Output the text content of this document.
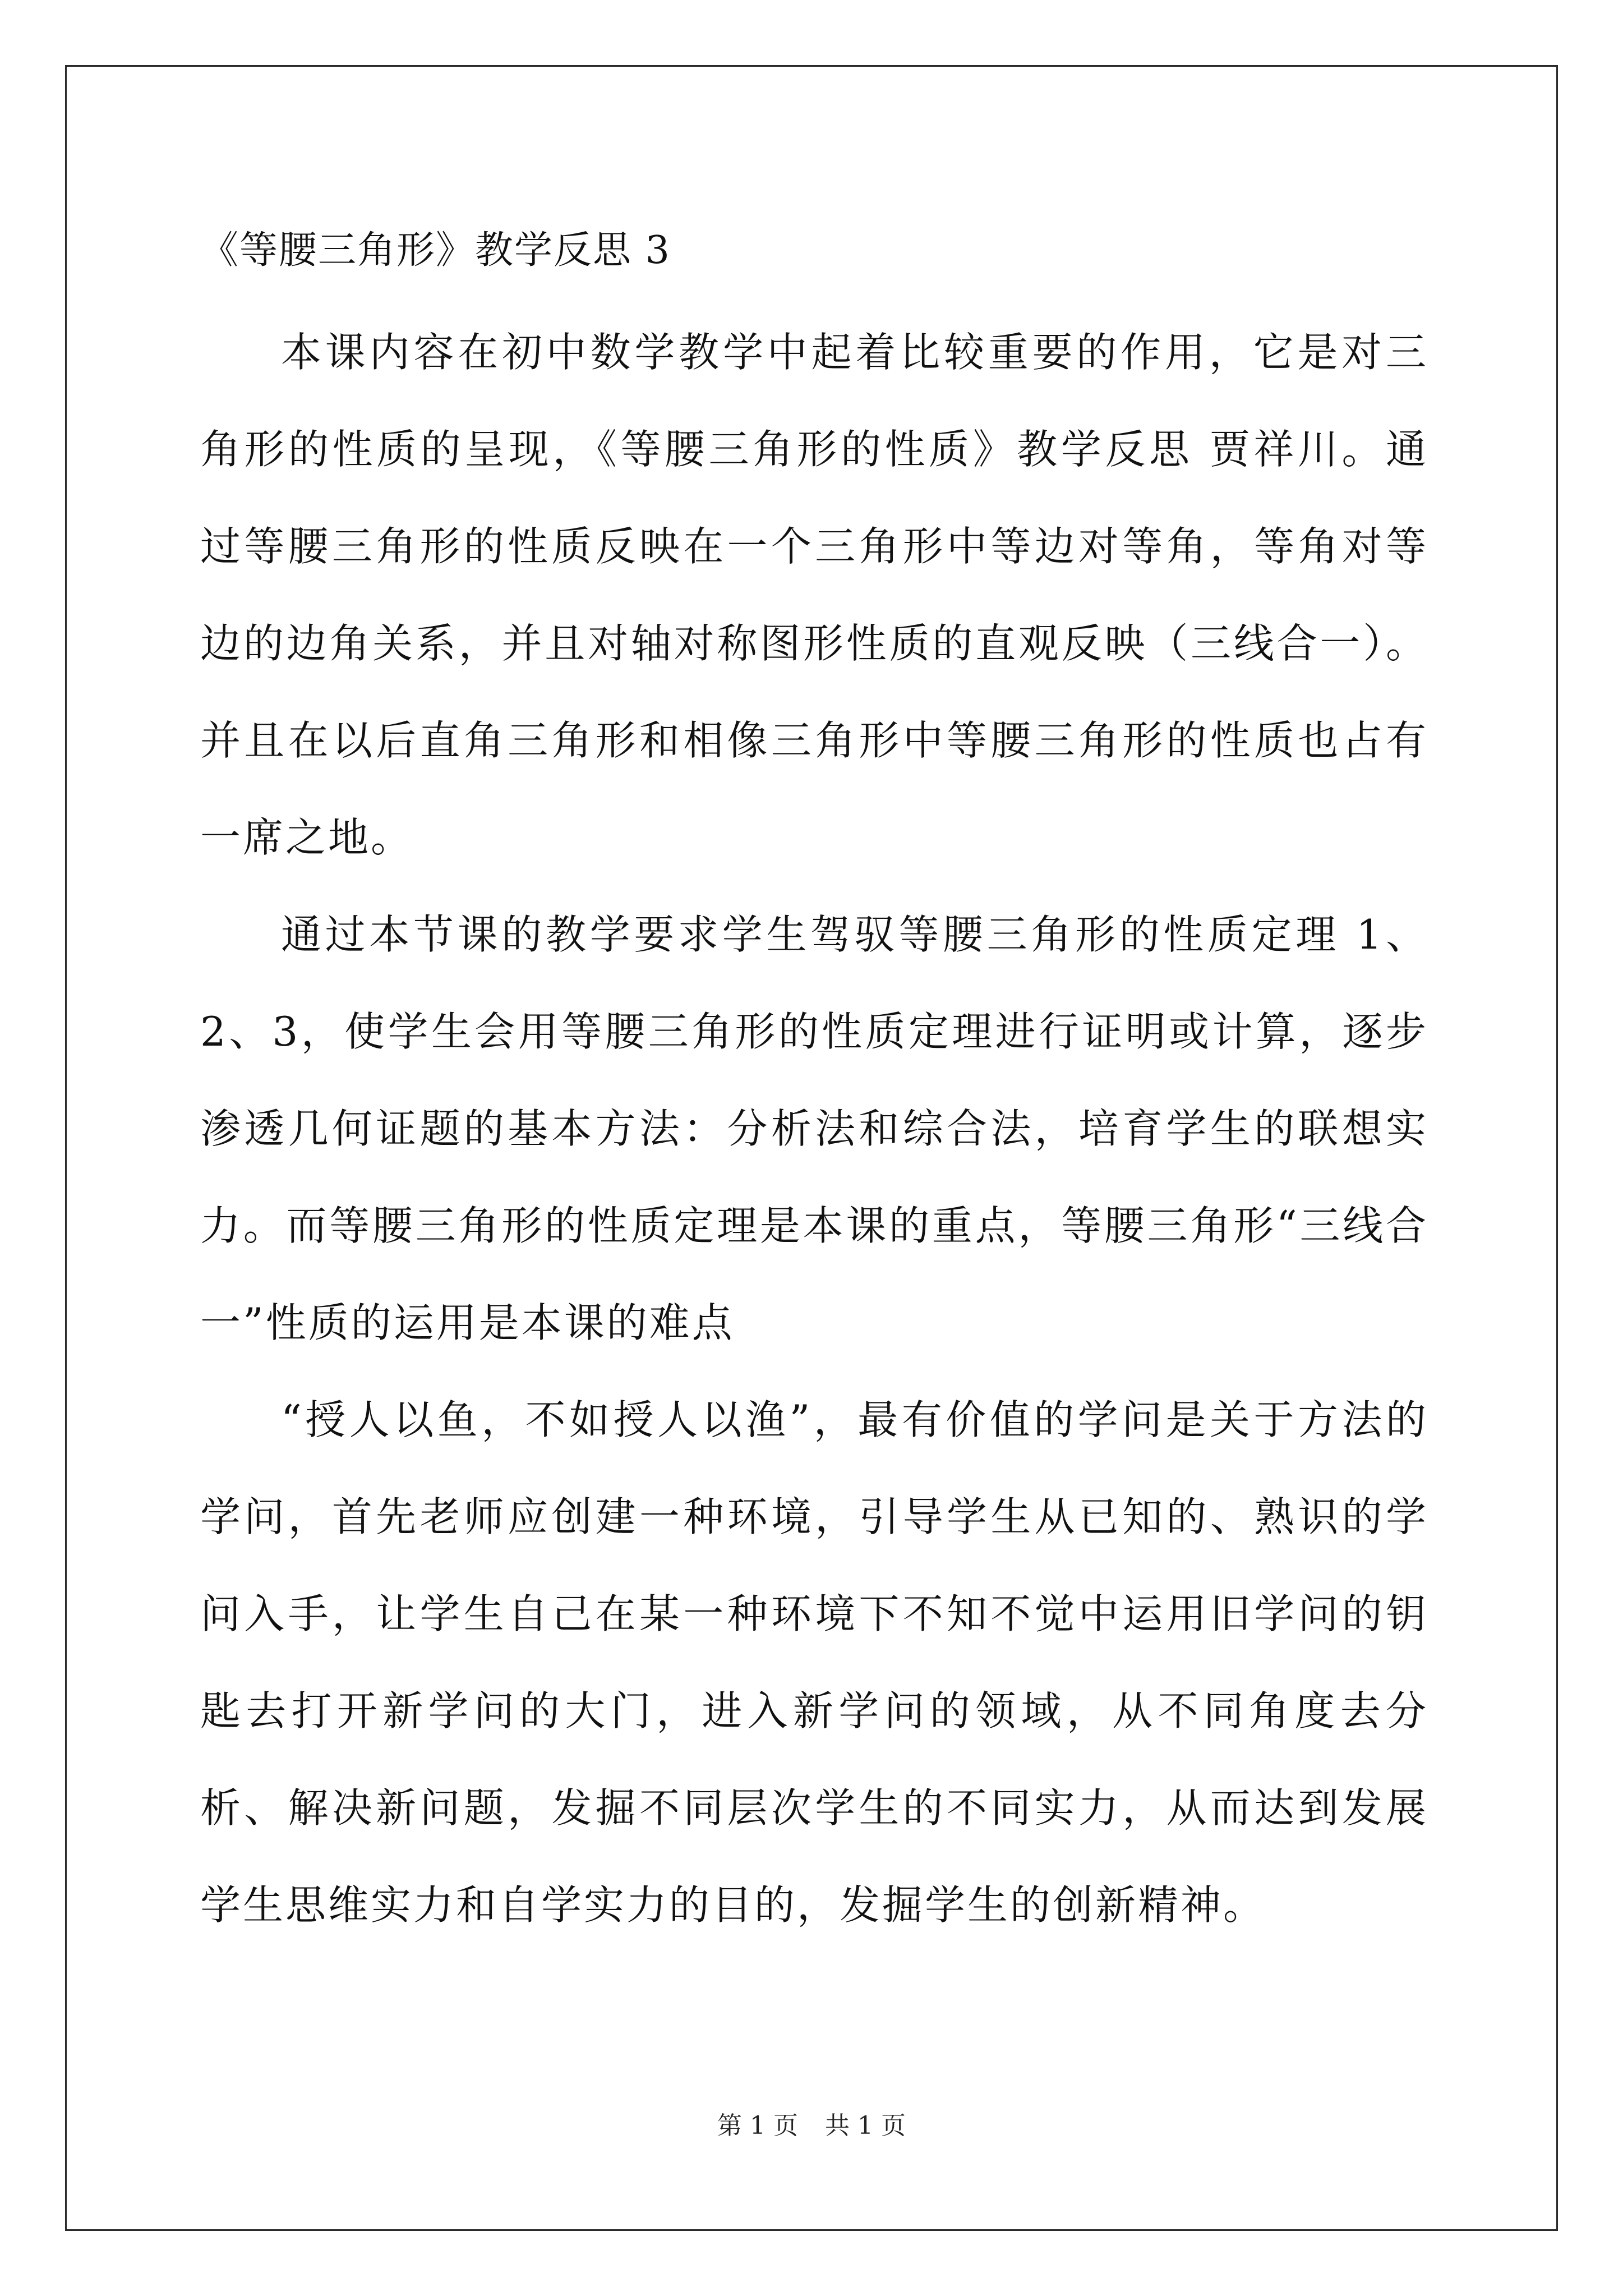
《等腰三角形》教学反思 3

本课内容在初中数学教学中起着比较重要的作用，它是对三角形的性质的呈现，《等腰三角形的性质》教学反思 贾祥川。通过等腰三角形的性质反映在一个三角形中等边对等角，等角对等边的边角关系，并且对轴对称图形性质的直观反映（三线合一）。并且在以后直角三角形和相像三角形中等腰三角形的性质也占有一席之地。

通过本节课的教学要求学生驾驭等腰三角形的性质定理 1、2、3，使学生会用等腰三角形的性质定理进行证明或计算，逐步渗透几何证题的基本方法：分析法和综合法，培育学生的联想实力。而等腰三角形的性质定理是本课的重点，等腰三角形“三线合一”性质的运用是本课的难点

“授人以鱼，不如授人以渔”，最有价值的学问是关于方法的学问，首先老师应创建一种环境，引导学生从已知的、熟识的学问入手，让学生自己在某一种环境下不知不觉中运用旧学问的钥匙去打开新学问的大门，进入新学问的领域，从不同角度去分析、解决新问题，发掘不同层次学生的不同实力，从而达到发展学生思维实力和自学实力的目的，发掘学生的创新精神。

第 1 页 共 1 页
